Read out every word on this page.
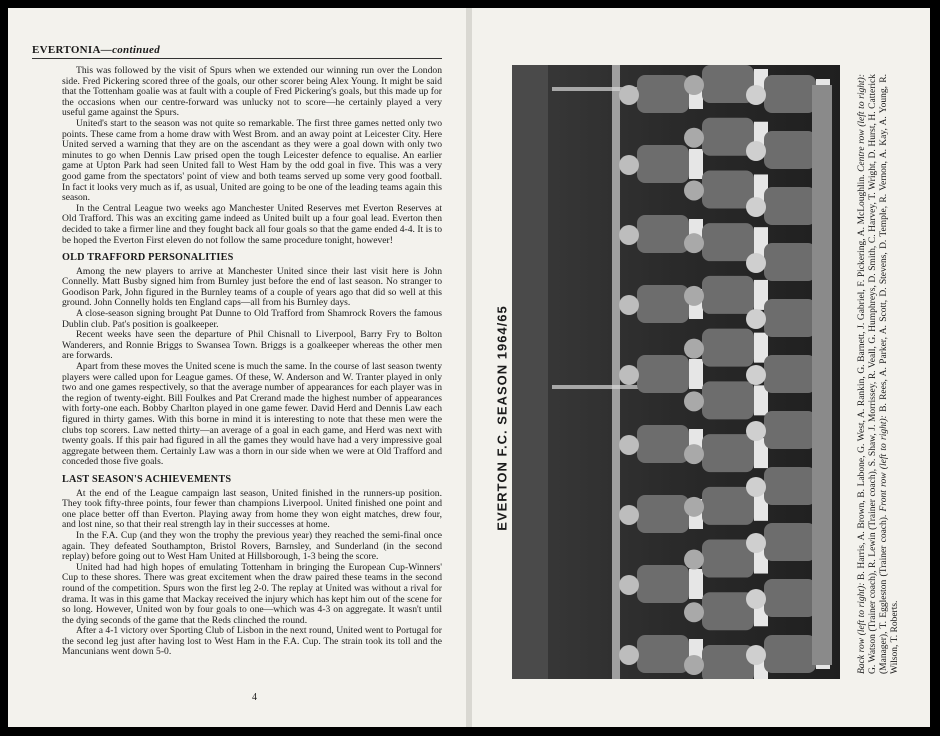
EVERTONIA—continued

This was followed by the visit of Spurs when we extended our winning run over the London side. Fred Pickering scored three of the goals, our other scorer being Alex Young. It might be said that the Tottenham goalie was at fault with a couple of Fred Pickering's goals, but this made up for the occasions when our centre-forward was unlucky not to score—he certainly played a very useful game against the Spurs.

United's start to the season was not quite so remarkable. The first three games netted only two points. These came from a home draw with West Brom. and an away point at Leicester City. Here United served a warning that they are on the ascendant as they were a goal down with only two minutes to go when Dennis Law prised open the tough Leicester defence to equalise. An earlier game at Upton Park had seen United fall to West Ham by the odd goal in five. This was a very good game from the spectators' point of view and both teams served up some very good football. In fact it looks very much as if, as usual, United are going to be one of the leading teams again this season.

In the Central League two weeks ago Manchester United Reserves met Everton Reserves at Old Trafford. This was an exciting game indeed as United built up a four goal lead. Everton then decided to take a firmer line and they fought back all four goals so that the game ended 4-4. It is to be hoped the Everton First eleven do not follow the same procedure tonight, however!

OLD TRAFFORD PERSONALITIES

Among the new players to arrive at Manchester United since their last visit here is John Connelly. Matt Busby signed him from Burnley just before the end of last season. No stranger to Goodison Park, John figured in the Burnley teams of a couple of years ago that did so well at this ground. John Connelly holds ten England caps—all from his Burnley days.

A close-season signing brought Pat Dunne to Old Trafford from Shamrock Rovers the famous Dublin club. Pat's position is goalkeeper.

Recent weeks have seen the departure of Phil Chisnall to Liverpool, Barry Fry to Bolton Wanderers, and Ronnie Briggs to Swansea Town. Briggs is a goalkeeper whereas the other men are forwards.

Apart from these moves the United scene is much the same. In the course of last season twenty players were called upon for League games. Of these, W. Anderson and W. Tranter played in only two and one games respectively, so that the average number of appearances for each player was in the region of twenty-eight. Bill Foulkes and Pat Crerand made the highest number of appearances with forty-one each. Bobby Charlton played in one game fewer. David Herd and Dennis Law each figured in thirty games. With this borne in mind it is interesting to note that these men were the clubs top scorers. Law netted thirty—an average of a goal in each game, and Herd was next with twenty goals. If this pair had figured in all the games they would have had a very impressive goal aggregate between them. Certainly Law was a thorn in our side when we were at Old Trafford and conceded those five goals.

LAST SEASON'S ACHIEVEMENTS

At the end of the League campaign last season, United finished in the runners-up position. They took fifty-three points, four fewer than champions Liverpool. United finished one point and one place better off than Everton. Playing away from home they won eight matches, drew four, and lost nine, so that their real strength lay in their successes at home.

In the F.A. Cup (and they won the trophy the previous year) they reached the semi-final once again. They defeated Southampton, Bristol Rovers, Barnsley, and Sunderland (in the second replay) before going out to West Ham United at Hillsborough, 1-3 being the score.

United had had high hopes of emulating Tottenham in bringing the European Cup-Winners' Cup to these shores. There was great excitement when the draw paired these teams in the second round of the competition. Spurs won the first leg 2-0. The replay at United was without a rival for drama. It was in this game that Mackay received the injury which has kept him out of the scene for so long. However, United won by four goals to one—which was 4-3 on aggregate. It wasn't until the dying seconds of the game that the Reds clinched the round.

After a 4-1 victory over Sporting Club of Lisbon in the next round, United went to Portugal for the second leg just after having lost to West Ham in the F.A. Cup. The strain took its toll and the Mancunians went down 5-0.

4
EVERTON F.C. SEASON 1964/65
Back row (left to right): B. Harris, A. Brown, B. Labone, G. West, A. Rankin, G. Barnett, J. Gabriel, F. Pickering, A. McLoughlin. Centre row (left to right): G. Watson (Trainer coach), R. Lewin (Trainer coach), S. Shaw, J. Morrissey, R. Veall, G. Humphreys, D. Smith, C. Harvey, T. Wright, D. Hurst, H. Catterick (Manager), T. Eggleston (Trainer coach). Front row (left to right): B. Rees, A. Parker, A. Scott, D. Stevens, D. Temple, R. Vernon, A. Kay, A. Young, R. Wilson, T. Roberts.
